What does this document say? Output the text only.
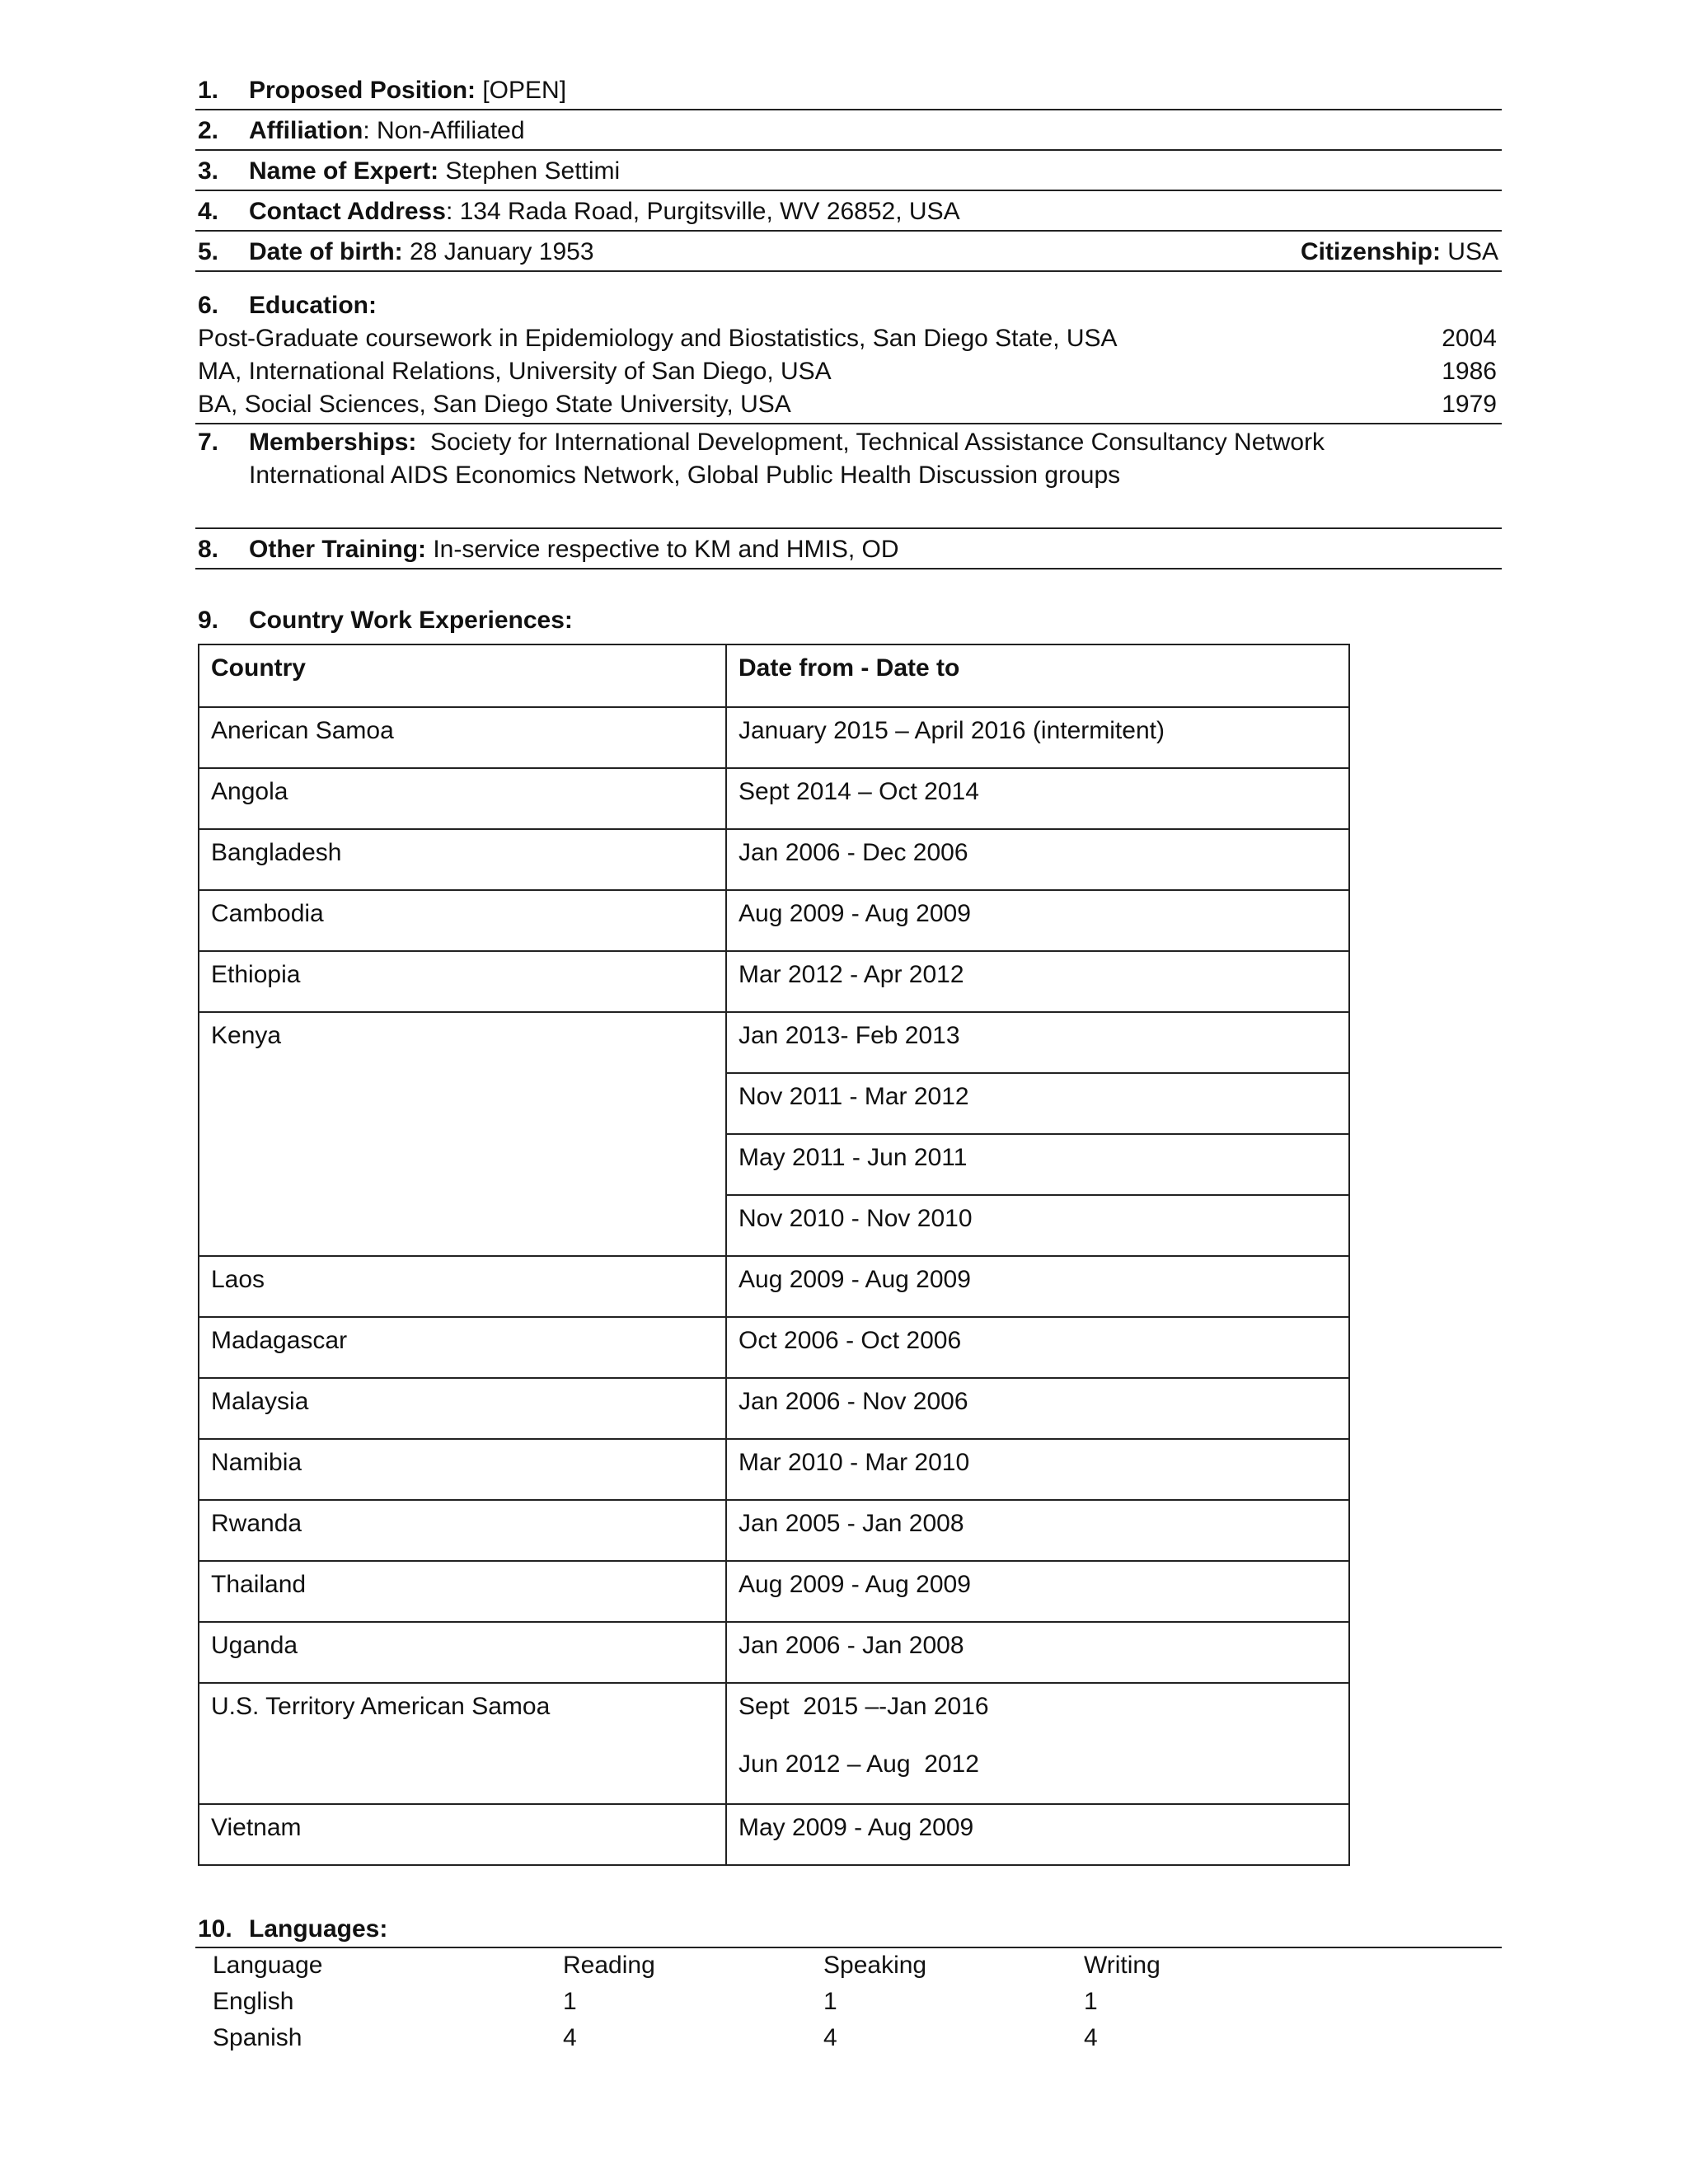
1. Proposed Position: [OPEN]
2. Affiliation: Non-Affiliated
3. Name of Expert: Stephen Settimi
4. Contact Address: 134 Rada Road, Purgitsville, WV 26852, USA
5. Date of birth: 28 January 1953	Citizenship: USA
6. Education:
Post-Graduate coursework in Epidemiology and Biostatistics, San Diego State, USA	2004
MA, International Relations, University of San Diego, USA	1986
BA, Social Sciences, San Diego State University, USA	1979
7. Memberships:  Society for International Development, Technical Assistance Consultancy Network
International AIDS Economics Network, Global Public Health Discussion groups
8. Other Training: In-service respective to KM and HMIS, OD
9. Country Work Experiences:
Country	Date from - Date to
Anerican Samoa	January 2015 – April 2016 (intermitent)
Angola	Sept 2014 – Oct 2014
Bangladesh	Jan 2006 - Dec 2006
Cambodia	Aug 2009 - Aug 2009
Ethiopia	Mar 2012 - Apr 2012
Kenya	Jan 2013- Feb 2013
	Nov 2011 - Mar 2012
	May 2011 - Jun 2011
	Nov 2010 - Nov 2010
Laos	Aug 2009 - Aug 2009
Madagascar	Oct 2006 - Oct 2006
Malaysia	Jan 2006 - Nov 2006
Namibia	Mar 2010 - Mar 2010
Rwanda	Jan 2005 - Jan 2008
Thailand	Aug 2009 - Aug 2009
Uganda	Jan 2006 - Jan 2008
U.S. Territory American Samoa	Sept  2015 –-Jan 2016
Jun 2012 – Aug  2012

Vietnam	May 2009 - Aug 2009
10. Languages:
Language	Reading	Speaking	Writing
English	1	1	1
Spanish	4	4	4
